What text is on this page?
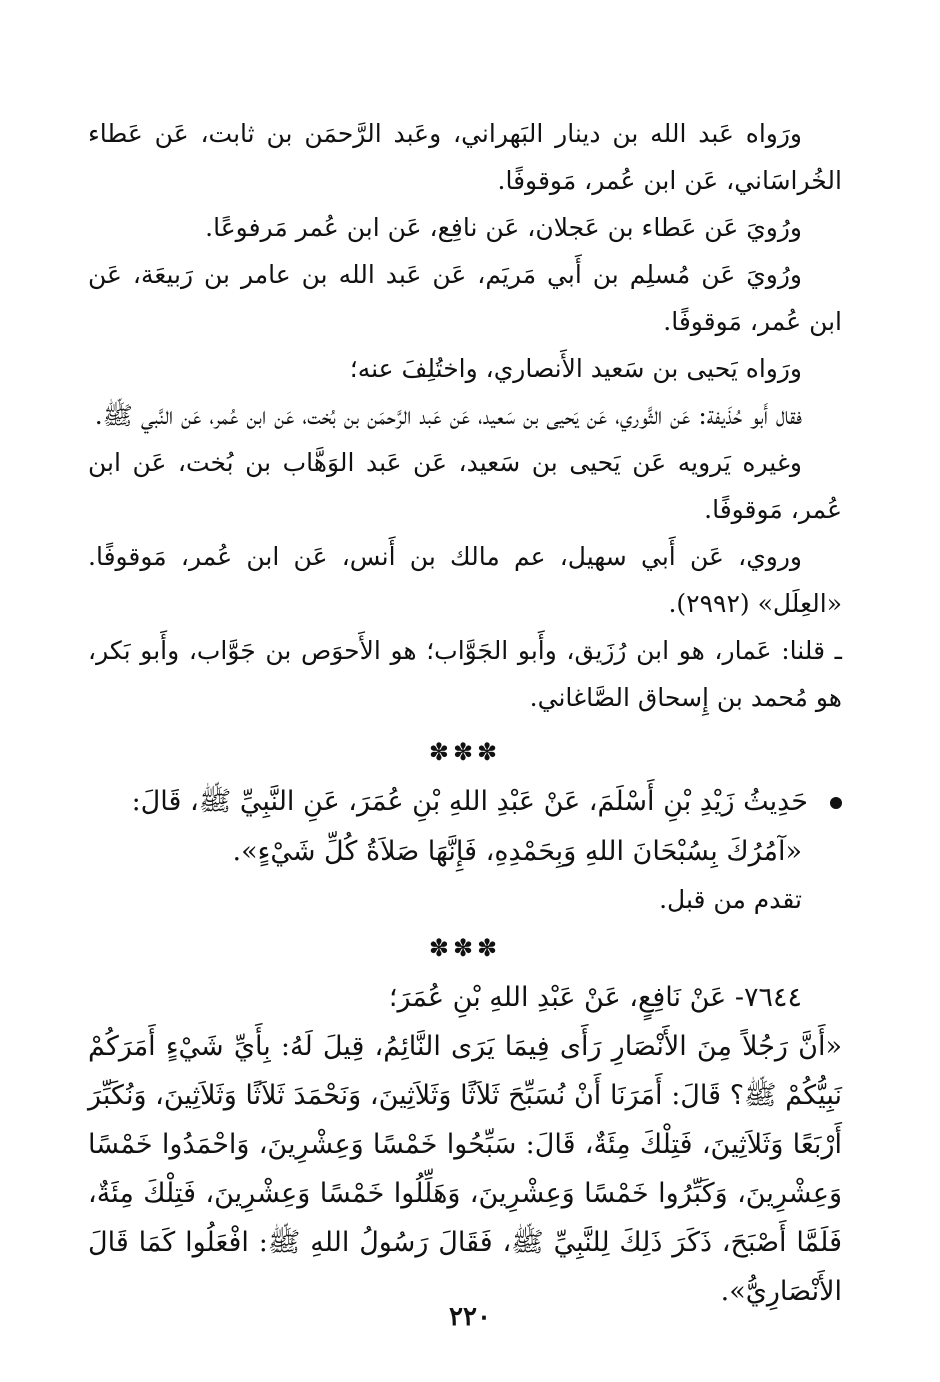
ورَواه عَبد الله بن دينار البَهراني، وعَبد الرَّحمَن بن ثابت، عَن عَطاء الخُراسَاني، عَن ابن عُمر، مَوقوفًا.

ورُويَ عَن عَطاء بن عَجلان، عَن نافِع، عَن ابن عُمر مَرفوعًا.

ورُويَ عَن مُسلِم بن أَبي مَريَم، عَن عَبد الله بن عامر بن رَبيعَة، عَن ابن عُمر، مَوقوفًا.

ورَواه يَحيى بن سَعيد الأَنصاري، واختُلِفَ عنه؛

فقال أَبو حُذَيفة: عَن الثَّوري، عَن يَحيى بن سَعيد، عَن عَبد الرَّحمَن بن بُخت، عَن ابن عُمر، عَن النَّبي ﷺ.

وغيره يَرويه عَن يَحيى بن سَعيد، عَن عَبد الوَهَّاب بن بُخت، عَن ابن عُمر، مَوقوفًا.

وروي، عَن أَبي سهيل، عم مالك بن أَنس، عَن ابن عُمر، مَوقوفًا. «العِلَل» (٢٩٩٢).

ـ قلنا: عَمار، هو ابن رُزَيق، وأَبو الجَوَّاب؛ هو الأَحوَص بن جَوَّاب، وأَبو بَكر، هو مُحمد بن إِسحاق الصَّاغاني.

✽✽✽

حَدِيثُ زَيْدِ بْنِ أَسْلَمَ، عَنْ عَبْدِ اللهِ بْنِ عُمَرَ، عَنِ النَّبِيِّ ﷺ، قَالَ:

«آمُرُكَ بِسُبْحَانَ اللهِ وَبِحَمْدِهِ، فَإِنَّهَا صَلاَةُ كُلِّ شَيْءٍ».

تقدم من قبل.

✽✽✽

٧٦٤٤- عَنْ نَافِعٍ، عَنْ عَبْدِ اللهِ بْنِ عُمَرَ؛

«أَنَّ رَجُلاً مِنَ الأَنْصَارِ رَأَى فِيمَا يَرَى النَّائِمُ، قِيلَ لَهُ: بِأَيِّ شَيْءٍ أَمَرَكُمْ نَبِيُّكُمْ ﷺ؟ قَالَ: أَمَرَنَا أَنْ نُسَبِّحَ ثَلاَثًا وَثَلاَثِينَ، وَنَحْمَدَ ثَلاَثًا وَثَلاَثِينَ، وَنُكَبِّرَ أَرْبَعًا وَثَلاَثِينَ، فَتِلْكَ مِئَةٌ، قَالَ: سَبِّحُوا خَمْسًا وَعِشْرِينَ، وَاحْمَدُوا خَمْسًا وَعِشْرِينَ، وَكَبِّرُوا خَمْسًا وَعِشْرِينَ، وَهَلِّلُوا خَمْسًا وَعِشْرِينَ، فَتِلْكَ مِئَةٌ، فَلَمَّا أَصْبَحَ، ذَكَرَ ذَلِكَ لِلنَّبِيِّ ﷺ، فَقَالَ رَسُولُ اللهِ ﷺ: افْعَلُوا كَمَا قَالَ الأَنْصَارِيُّ».

٢٢٠
